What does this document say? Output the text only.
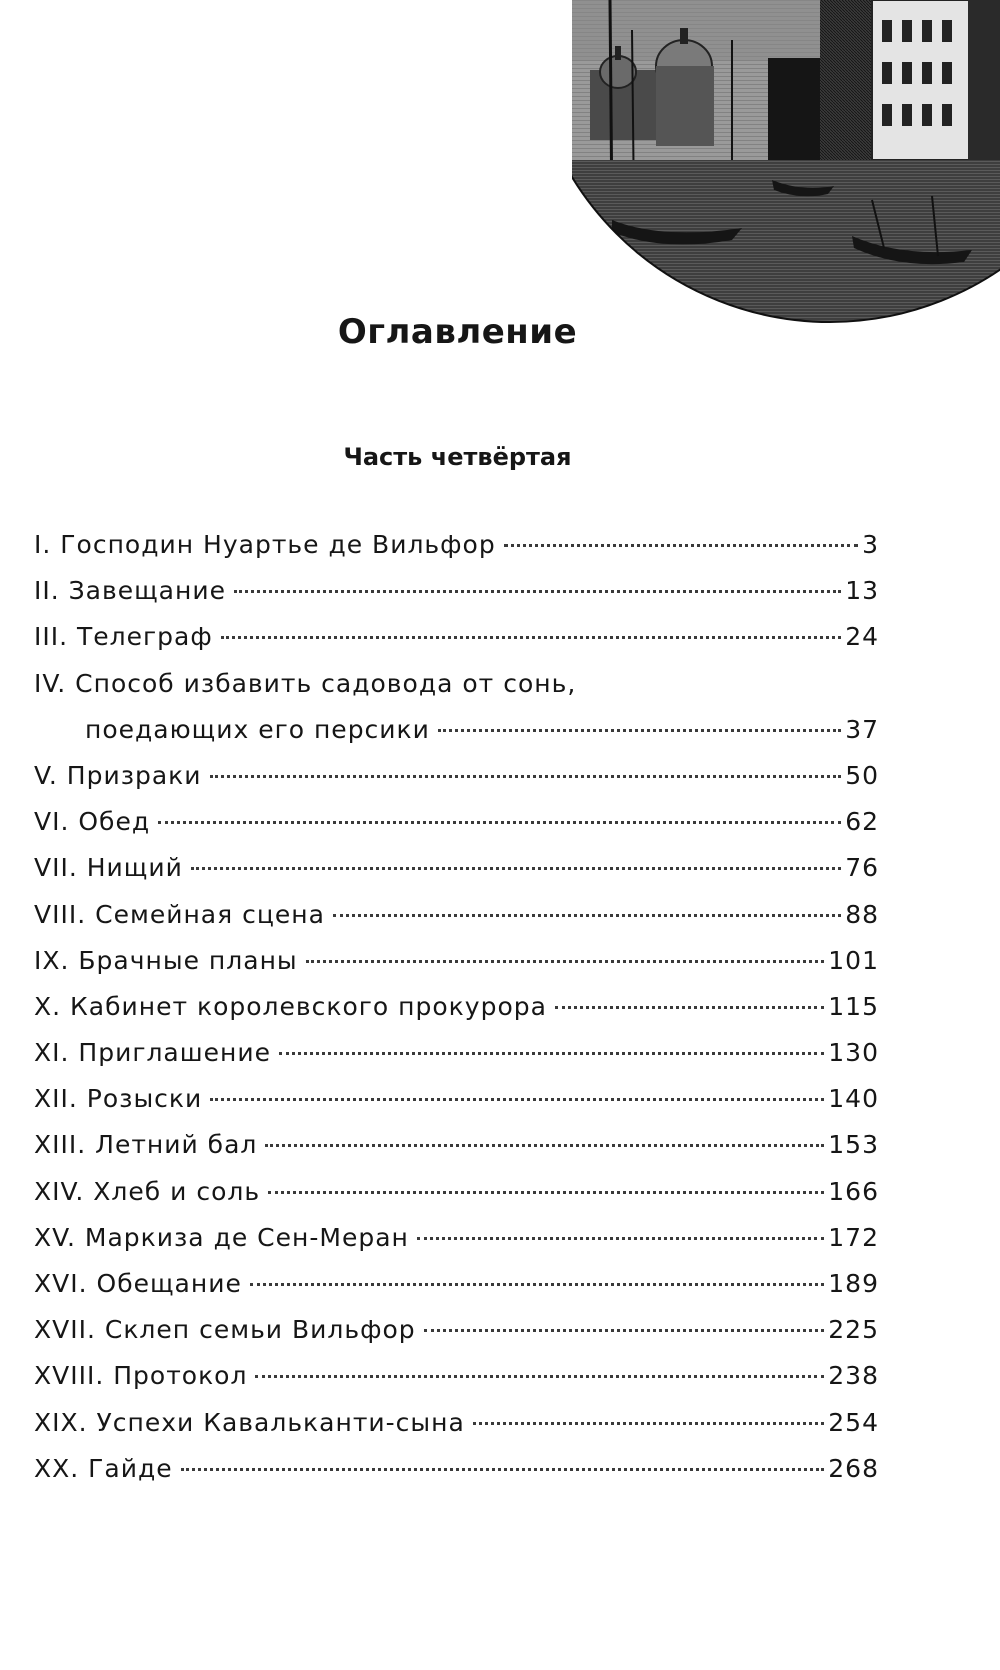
Оглавление
Часть четвёртая
I. Господин Нуартье де Вильфор	3
II. Завещание	13
III. Телеграф	24
IV. Способ избавить садовода от сонь,
поедающих его персики	37
V. Призраки	50
VI. Обед	62
VII. Нищий	76
VIII. Семейная сцена	88
IX. Брачные планы	101
X. Кабинет королевского прокурора	115
XI. Приглашение	130
XII. Розыски	140
XIII. Летний бал	153
XIV. Хлеб и соль	166
XV. Маркиза де Сен-Меран	172
XVI. Обещание	189
XVII. Склеп семьи Вильфор	225
XVIII. Протокол	238
XIX. Успехи Кавальканти-сына	254
XX. Гайде	268
